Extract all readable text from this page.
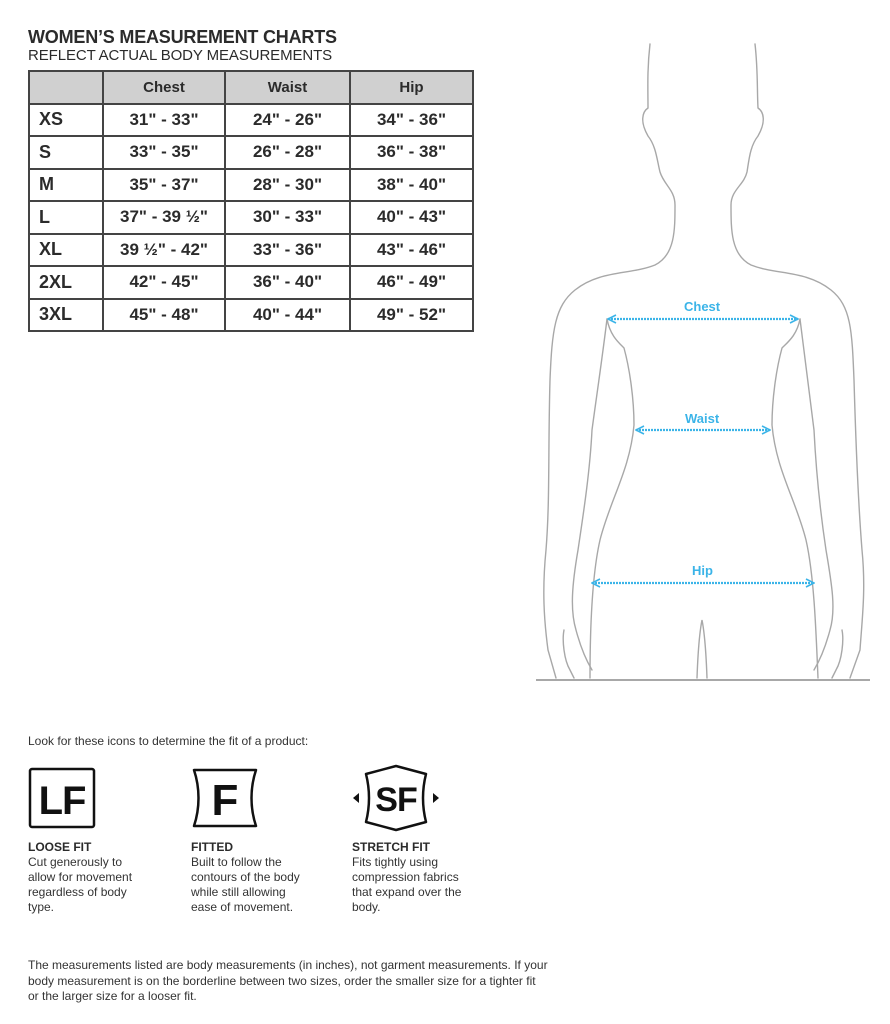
WOMEN’S MEASUREMENT CHARTS
REFLECT ACTUAL BODY MEASUREMENTS
	Chest	Waist	Hip
XS	31" - 33"	24" - 26"	34" - 36"
S	33" - 35"	26" - 28"	36" - 38"
M	35" - 37"	28" - 30"	38" - 40"
L	37" - 39 ½"	30" - 33"	40" - 43"
XL	39 ½" - 42"	33" - 36"	43" - 46"
2XL	42" - 45"	36" - 40"	46" - 49"
3XL	45" - 48"	40" - 44"	49" - 52"	Chest
Waist
Hip
Look for these icons to determine the fit of a product:
LF	F	SF
LOOSE FIT
Cut generously to allow for movement regardless of body type.
FITTED
Built to follow the contours of the body while still allowing ease of movement.
STRETCH FIT
Fits tightly using compression fabrics that expand over the body.
The measurements listed are body measurements (in inches), not garment measurements. If your body measurement is on the borderline between two sizes, order the smaller size for a tighter fit or the larger size for a looser fit.
